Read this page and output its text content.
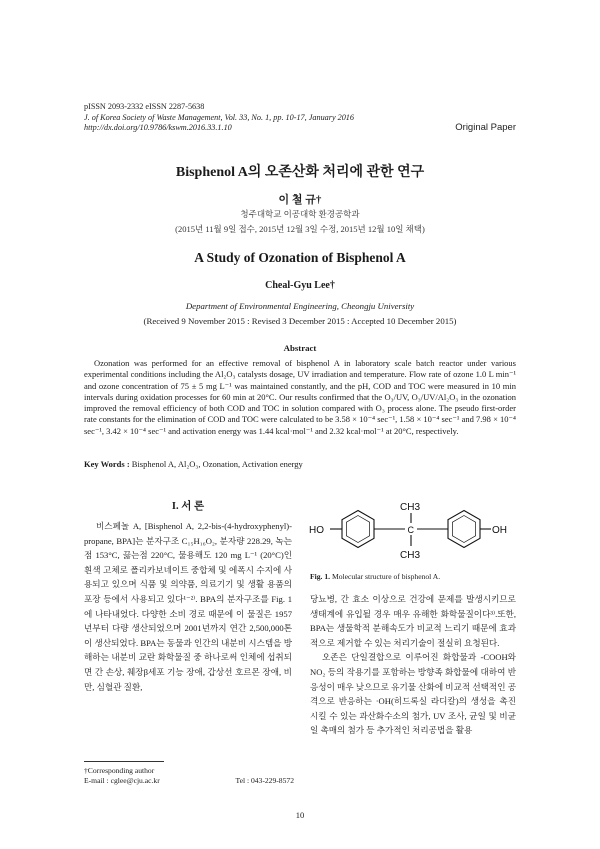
pISSN 2093-2332 eISSN 2287-5638
J. of Korea Society of Waste Management, Vol. 33, No. 1, pp. 10-17, January 2016
http://dx.doi.org/10.9786/kswm.2016.33.1.10	Original Paper
Bisphenol A의 오존산화 처리에 관한 연구
이 철 규†
청주대학교 이공대학 환경공학과
(2015년 11월 9일 접수, 2015년 12월 3일 수정, 2015년 12월 10일 채택)
A Study of Ozonation of Bisphenol A
Cheal-Gyu Lee†
Department of Environmental Engineering, Cheongju University
(Received 9 November 2015 : Revised 3 December 2015 : Accepted 10 December 2015)
Abstract

Ozonation was performed for an effective removal of bisphenol A in laboratory scale batch reactor under various experimental conditions including the Al₂O₃ catalysts dosage, UV irradiation and temperature. Flow rate of ozone 1.0 L min⁻¹ and ozone concentration of 75 ± 5 mg L⁻¹ was maintained constantly, and the pH, COD and TOC were measured in 10 min intervals during oxidation processes for 60 min at 20°C. Our results confirmed that the O₃/UV, O₃/UV/Al₂O₃ in the ozonation improved the removal efficiency of both COD and TOC in solution compared with O₃ process alone. The pseudo first-order rate constants for the elimination of COD and TOC were calculated to be 3.58 × 10⁻⁴ sec⁻¹, 1.58 × 10⁻⁴ sec⁻¹ and 7.98 × 10⁻⁴ sec⁻¹, 3.42 × 10⁻⁴ sec⁻¹ and activation energy was 1.44 kcal·mol⁻¹ and 2.32 kcal·mol⁻¹ at 20°C, respectively.

Key Words : Bisphenol A, Al₂O₃, Ozonation, Activation energy
I. 서 론

비스페놀 A, [Bisphenol A, 2,2-bis-(4-hydroxyphenyl)-propane, BPA]는 분자구조 C₁₅H₁₆O₂, 분자량 228.29, 녹는점 153°C, 끓는점 220°C, 물용해도 120 mg L⁻¹ (20°C)인 흰색 고체로 폴리카보네이트 중합체 및 에폭시 수지에 사용되고 있으며 식품 및 의약품, 의료기기 및 생활 용품의 포장 등에서 사용되고 있다¹⁻²⁾. BPA의 분자구조를 Fig. 1에 나타내었다. 다양한 소비 경로 때문에 이 물질은 1957년부터 다량 생산되었으며 2001년까지 연간 2,500,000톤이 생산되었다. BPA는 동물과 인간의 내분비 시스템을 방해하는 내분비 교란 화학물질 중 하나로써 인체에 섭취되면 간 손상, 췌장β세포 기능 장애, 갑상선 호르몬 장애, 비만, 심혈관 질환,

HO	OH
CH3
CH3
C
Fig. 1. Molecular structure of bisphenol A.

당뇨병, 간 효소 이상으로 건강에 문제를 발생시키므로 생태계에 유입될 경우 매우 유해한 화학물질이다³⁾.또한, BPA는 생물학적 분해속도가 비교적 느리기 때문에 효과적으로 제거할 수 있는 처리기술이 절실히 요청된다.

오존은 단일결합으로 이루어진 화합물과 -COOH와 NO₂ 등의 작용기를 포함하는 방향족 화합물에 대하여 반응성이 매우 낮으므로 유기물 산화에 비교적 선택적인 공격으로 반응하는 ·OH(히드록실 라디칼)의 생성을 촉진시킬 수 있는 과산화수소의 첨가, UV 조사, 균일 및 비균일 촉매의 첨가 등 추가적인 처리공법을 활용

†Corresponding author
E-mail : cglee@cju.ac.kr	Tel : 043-229-8572
10
